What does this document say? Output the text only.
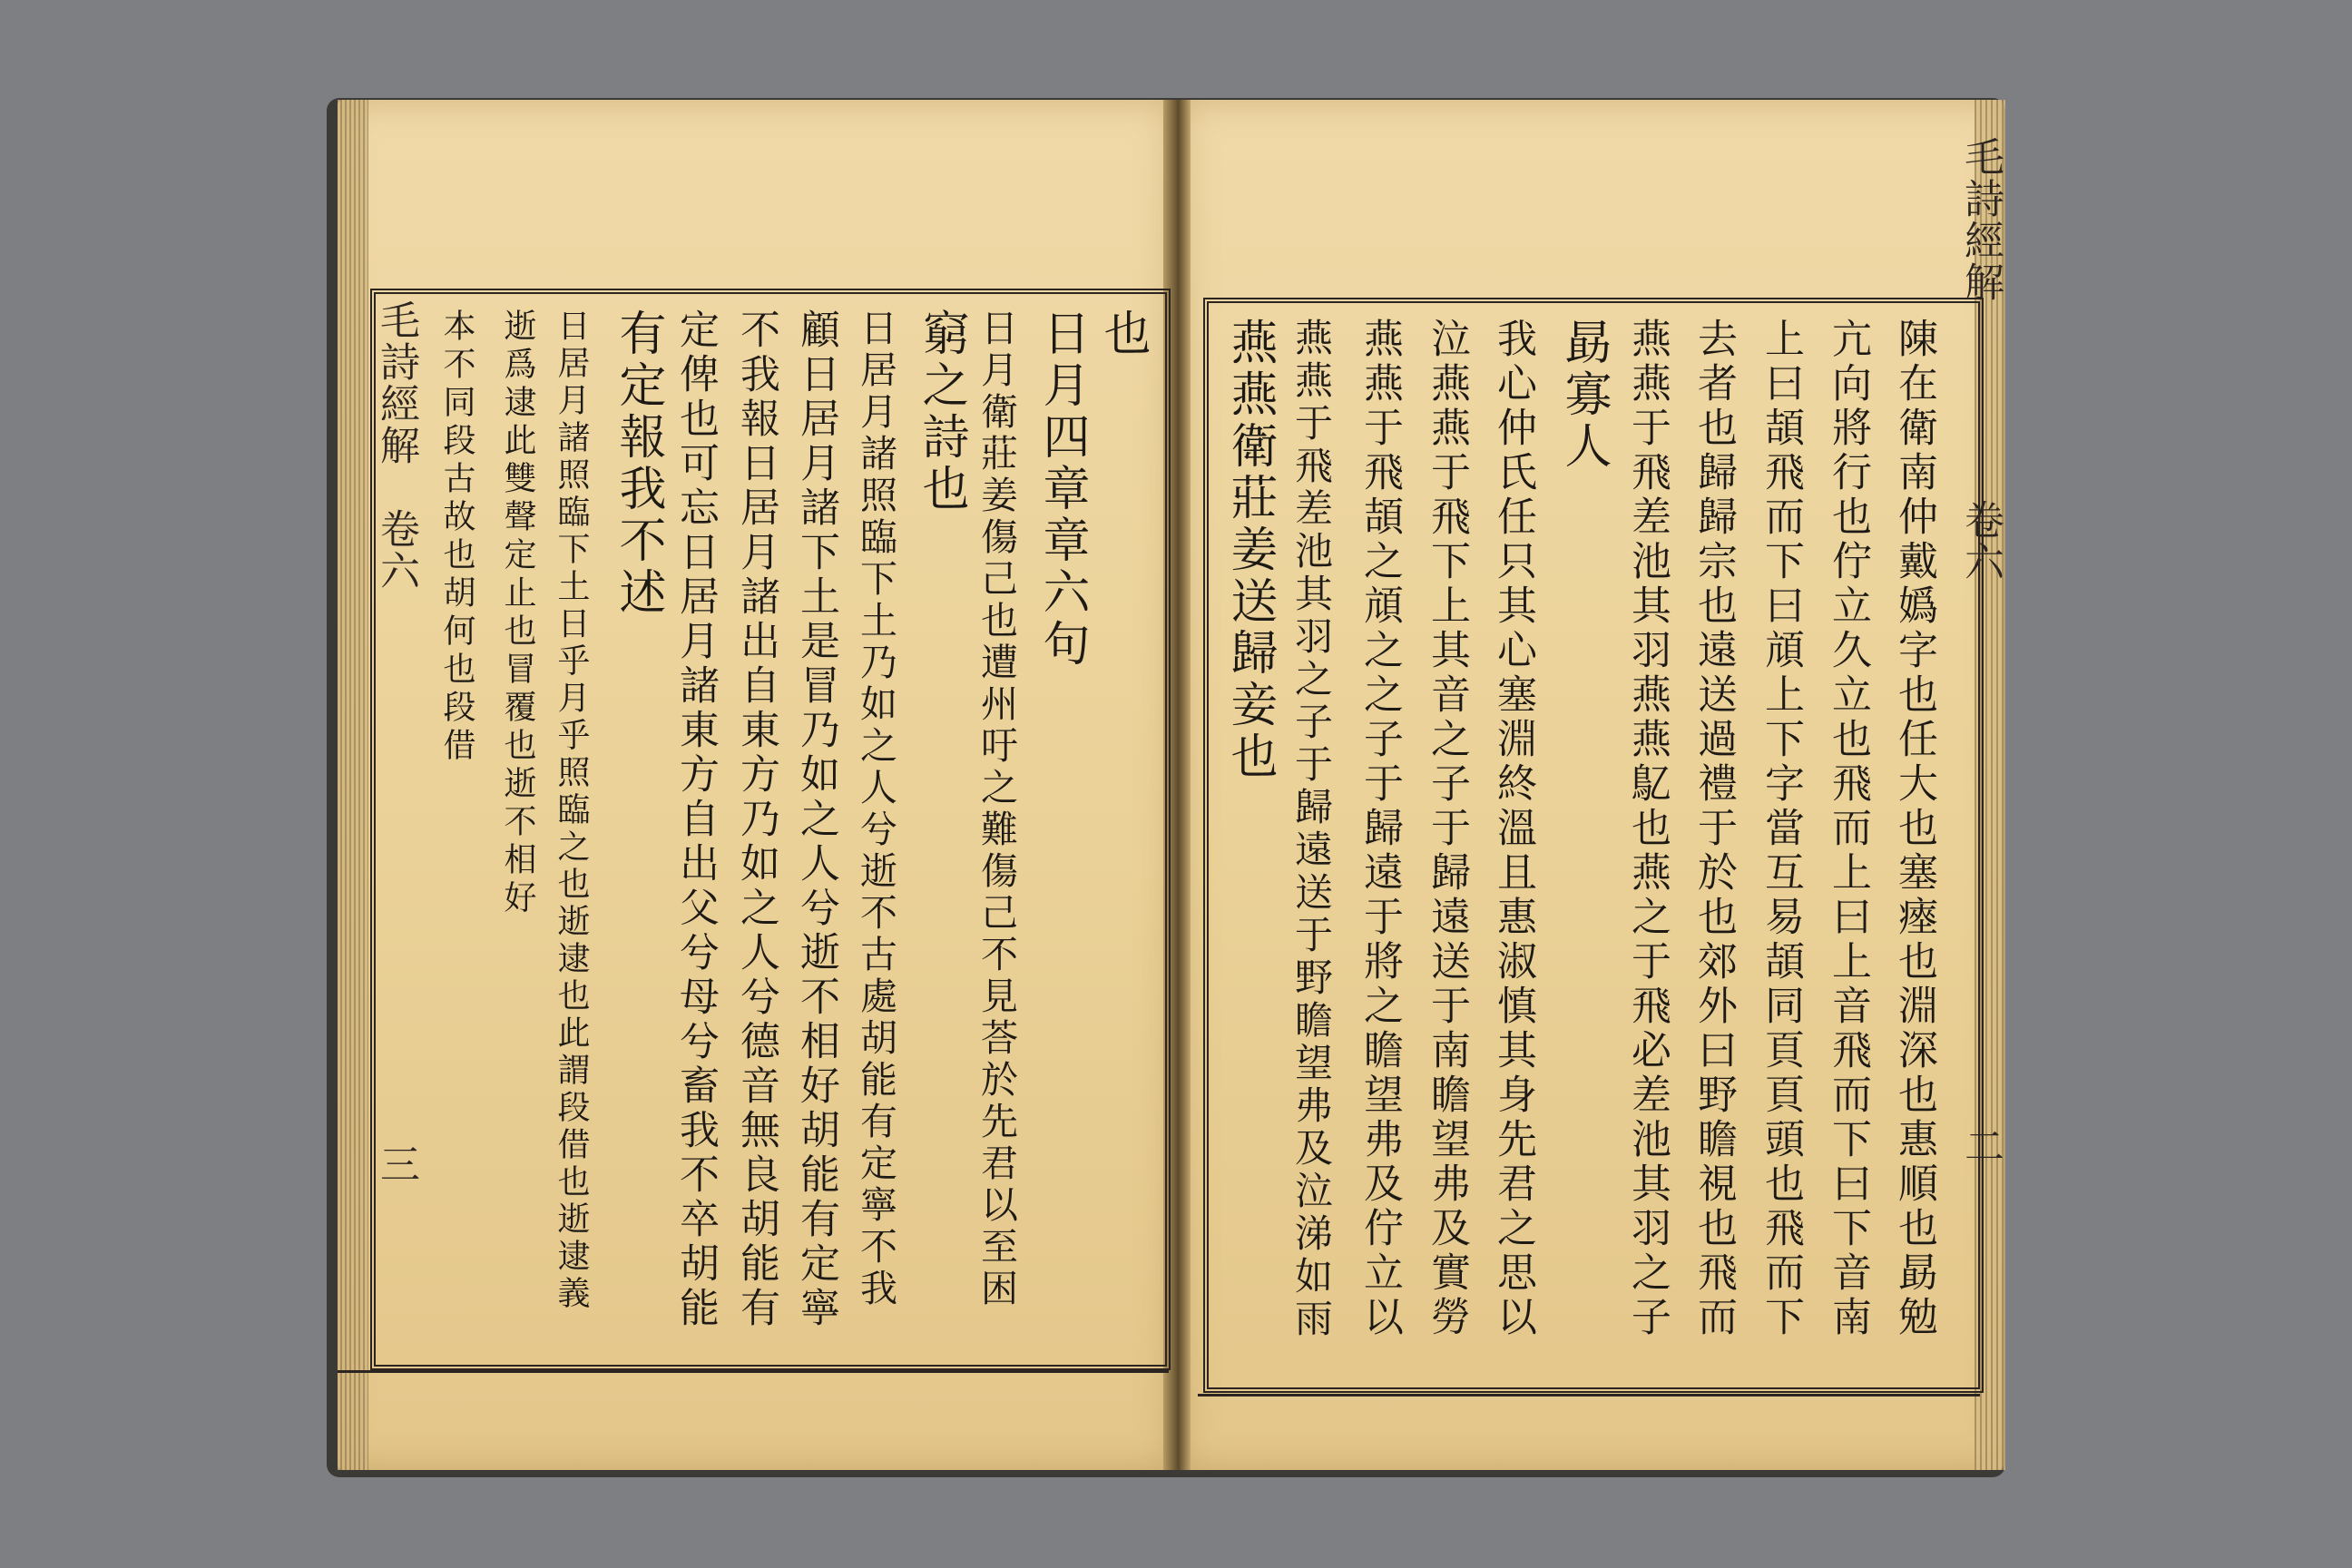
毛詩經解
卷六
三
毛詩經解
卷六
二
本不同段古故也胡何也段借 逝爲逮此雙聲定止也冒覆也逝不相好 日居月諸照臨下土日乎月乎照臨之也逝逮也此謂段借也逝逮義 有定報我不述 定俾也可忘日居月諸東方自出父兮母兮畜我不卒胡能 不我報日居月諸出自東方乃如之人兮德音無良胡能有 顧日居月諸下土是冒乃如之人兮逝不相好胡能有定寧 日居月諸照臨下土乃如之人兮逝不古處胡能有定寧不我 窮之詩也 日月衛莊姜傷己也遭州吁之難傷己不見荅於先君以至困 日月四章章六句 也 燕燕衛莊姜送歸妾也 燕燕于飛差池其羽之子于歸遠送于野瞻望弗及泣涕如雨 燕燕于飛頡之頏之之子于歸遠于將之瞻望弗及佇立以 泣燕燕于飛下上其音之子于歸遠送于南瞻望弗及實勞 我心仲氏任只其心塞淵終溫且惠淑慎其身先君之思以 勗寡人 燕燕于飛差池其羽燕燕鳦也燕之于飛必差池其羽之子 去者也歸歸宗也遠送過禮于於也郊外曰野瞻視也飛而 上曰頡飛而下曰頏上下字當互易頡同頁頁頭也飛而下 亢向將行也佇立久立也飛而上曰上音飛而下曰下音南 陳在衛南仲戴嬀字也任大也塞瘞也淵深也惠順也勗勉
